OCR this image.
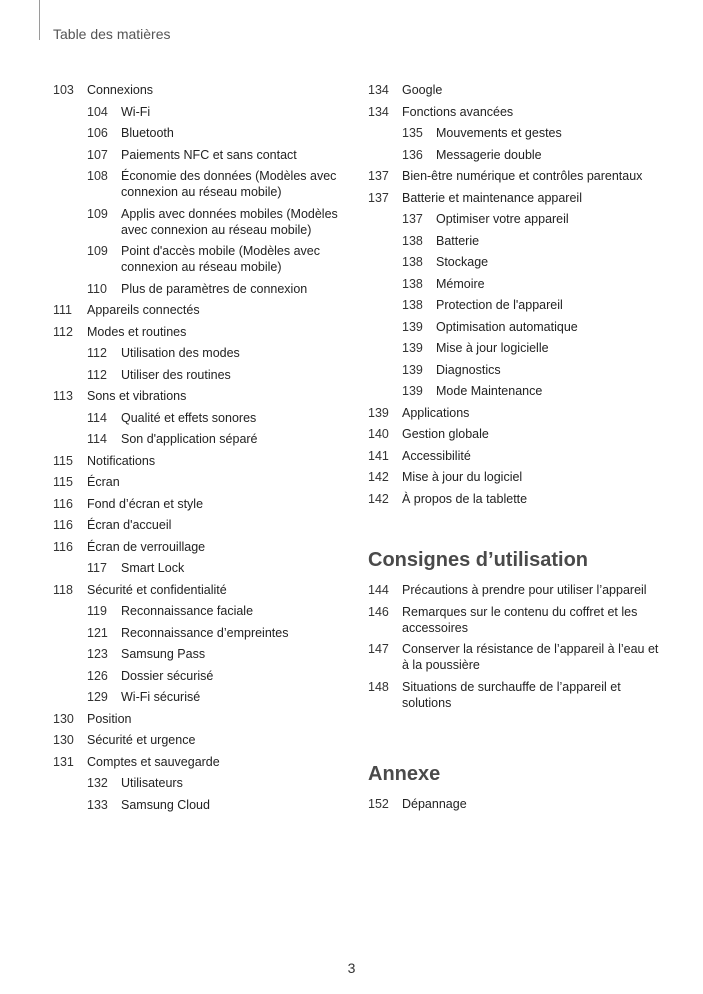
Table des matières
103	Connexions
104	Wi-Fi
106	Bluetooth
107	Paiements NFC et sans contact
108	Économie des données (Modèles avec connexion au réseau mobile)
109	Applis avec données mobiles (Modèles avec connexion au réseau mobile)
109	Point d'accès mobile (Modèles avec connexion au réseau mobile)
110	Plus de paramètres de connexion
111	Appareils connectés
112	Modes et routines
112	Utilisation des modes
112	Utiliser des routines
113	Sons et vibrations
114	Qualité et effets sonores
114	Son d'application séparé
115	Notifications
115	Écran
116	Fond d’écran et style
116	Écran d'accueil
116	Écran de verrouillage
117	Smart Lock
118	Sécurité et confidentialité
119	Reconnaissance faciale
121	Reconnaissance d’empreintes
123	Samsung Pass
126	Dossier sécurisé
129	Wi-Fi sécurisé
130	Position
130	Sécurité et urgence
131	Comptes et sauvegarde
132	Utilisateurs
133	Samsung Cloud
134	Google
134	Fonctions avancées
135	Mouvements et gestes
136	Messagerie double
137	Bien-être numérique et contrôles parentaux
137	Batterie et maintenance appareil
137	Optimiser votre appareil
138	Batterie
138	Stockage
138	Mémoire
138	Protection de l'appareil
139	Optimisation automatique
139	Mise à jour logicielle
139	Diagnostics
139	Mode Maintenance
139	Applications
140	Gestion globale
141	Accessibilité
142	Mise à jour du logiciel
142	À propos de la tablette
Consignes d’utilisation
144	Précautions à prendre pour utiliser l’appareil
146	Remarques sur le contenu du coffret et les accessoires
147	Conserver la résistance de l’appareil à l’eau et à la poussière
148	Situations de surchauffe de l’appareil et solutions
Annexe
152	Dépannage
3
